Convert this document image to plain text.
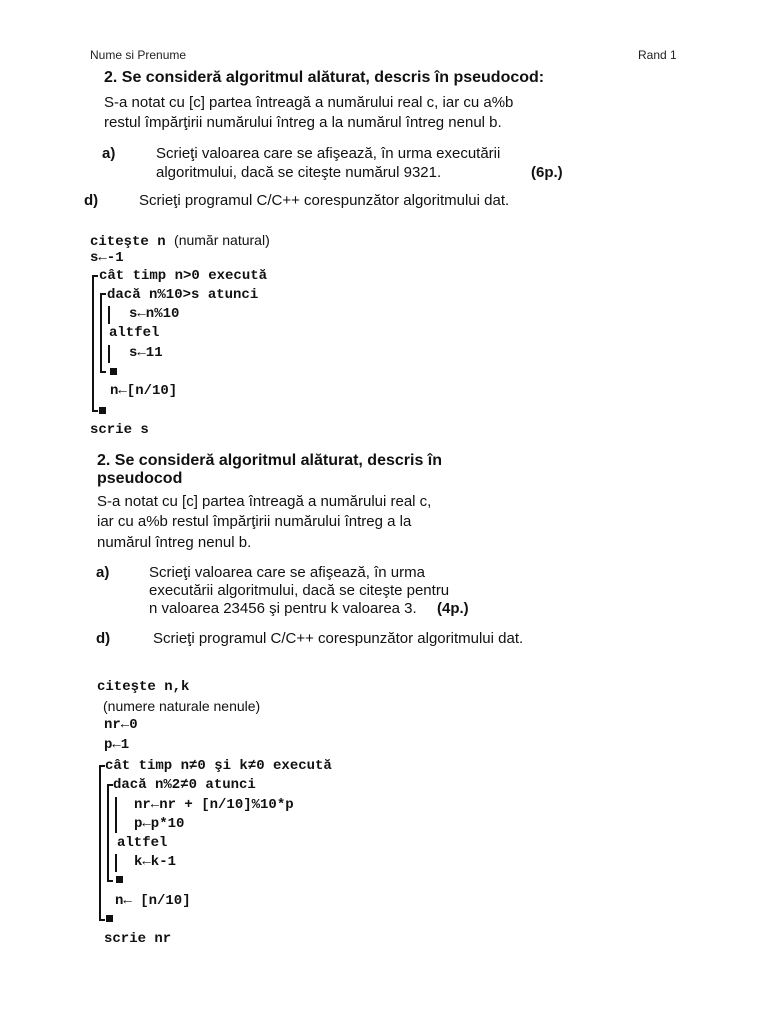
Nume si Prenume	Rand 1
2. Se consideră algoritmul alăturat, descris în pseudocod:
S-a notat cu [c] partea întreagă a numărului real c, iar cu a%b
restul împărţirii numărului întreg a la numărul întreg nenul b.
a)	Scrieţi valoarea care se afişează, în urma executării
algoritmului, dacă se citeşte numărul 9321.	(6p.)
d)	Scrieţi programul C/C++ corespunzător algoritmului dat.
citeşte n (număr natural)
s←-1
cât timp n>0 execută
dacă n%10>s atunci
s←n%10
altfel
s←11
n←[n/10]
scrie s
2. Se consideră algoritmul alăturat, descris în
pseudocod
S-a notat cu [c] partea întreagă a numărului real c,
iar cu a%b restul împărţirii numărului întreg a la
numărul întreg nenul b.
a)	Scrieţi valoarea care se afişează, în urma
executării algoritmului, dacă se citeşte pentru
n valoarea 23456 şi pentru k valoarea 3. (4p.)
d)	Scrieţi programul C/C++ corespunzător algoritmului dat.
citeşte n,k
(numere naturale nenule)
nr←0
p←1
cât timp n≠0 şi k≠0 execută
dacă n%2≠0 atunci
nr←nr + [n/10]%10*p
p←p*10
altfel
k←k-1
n← [n/10]
scrie nr
